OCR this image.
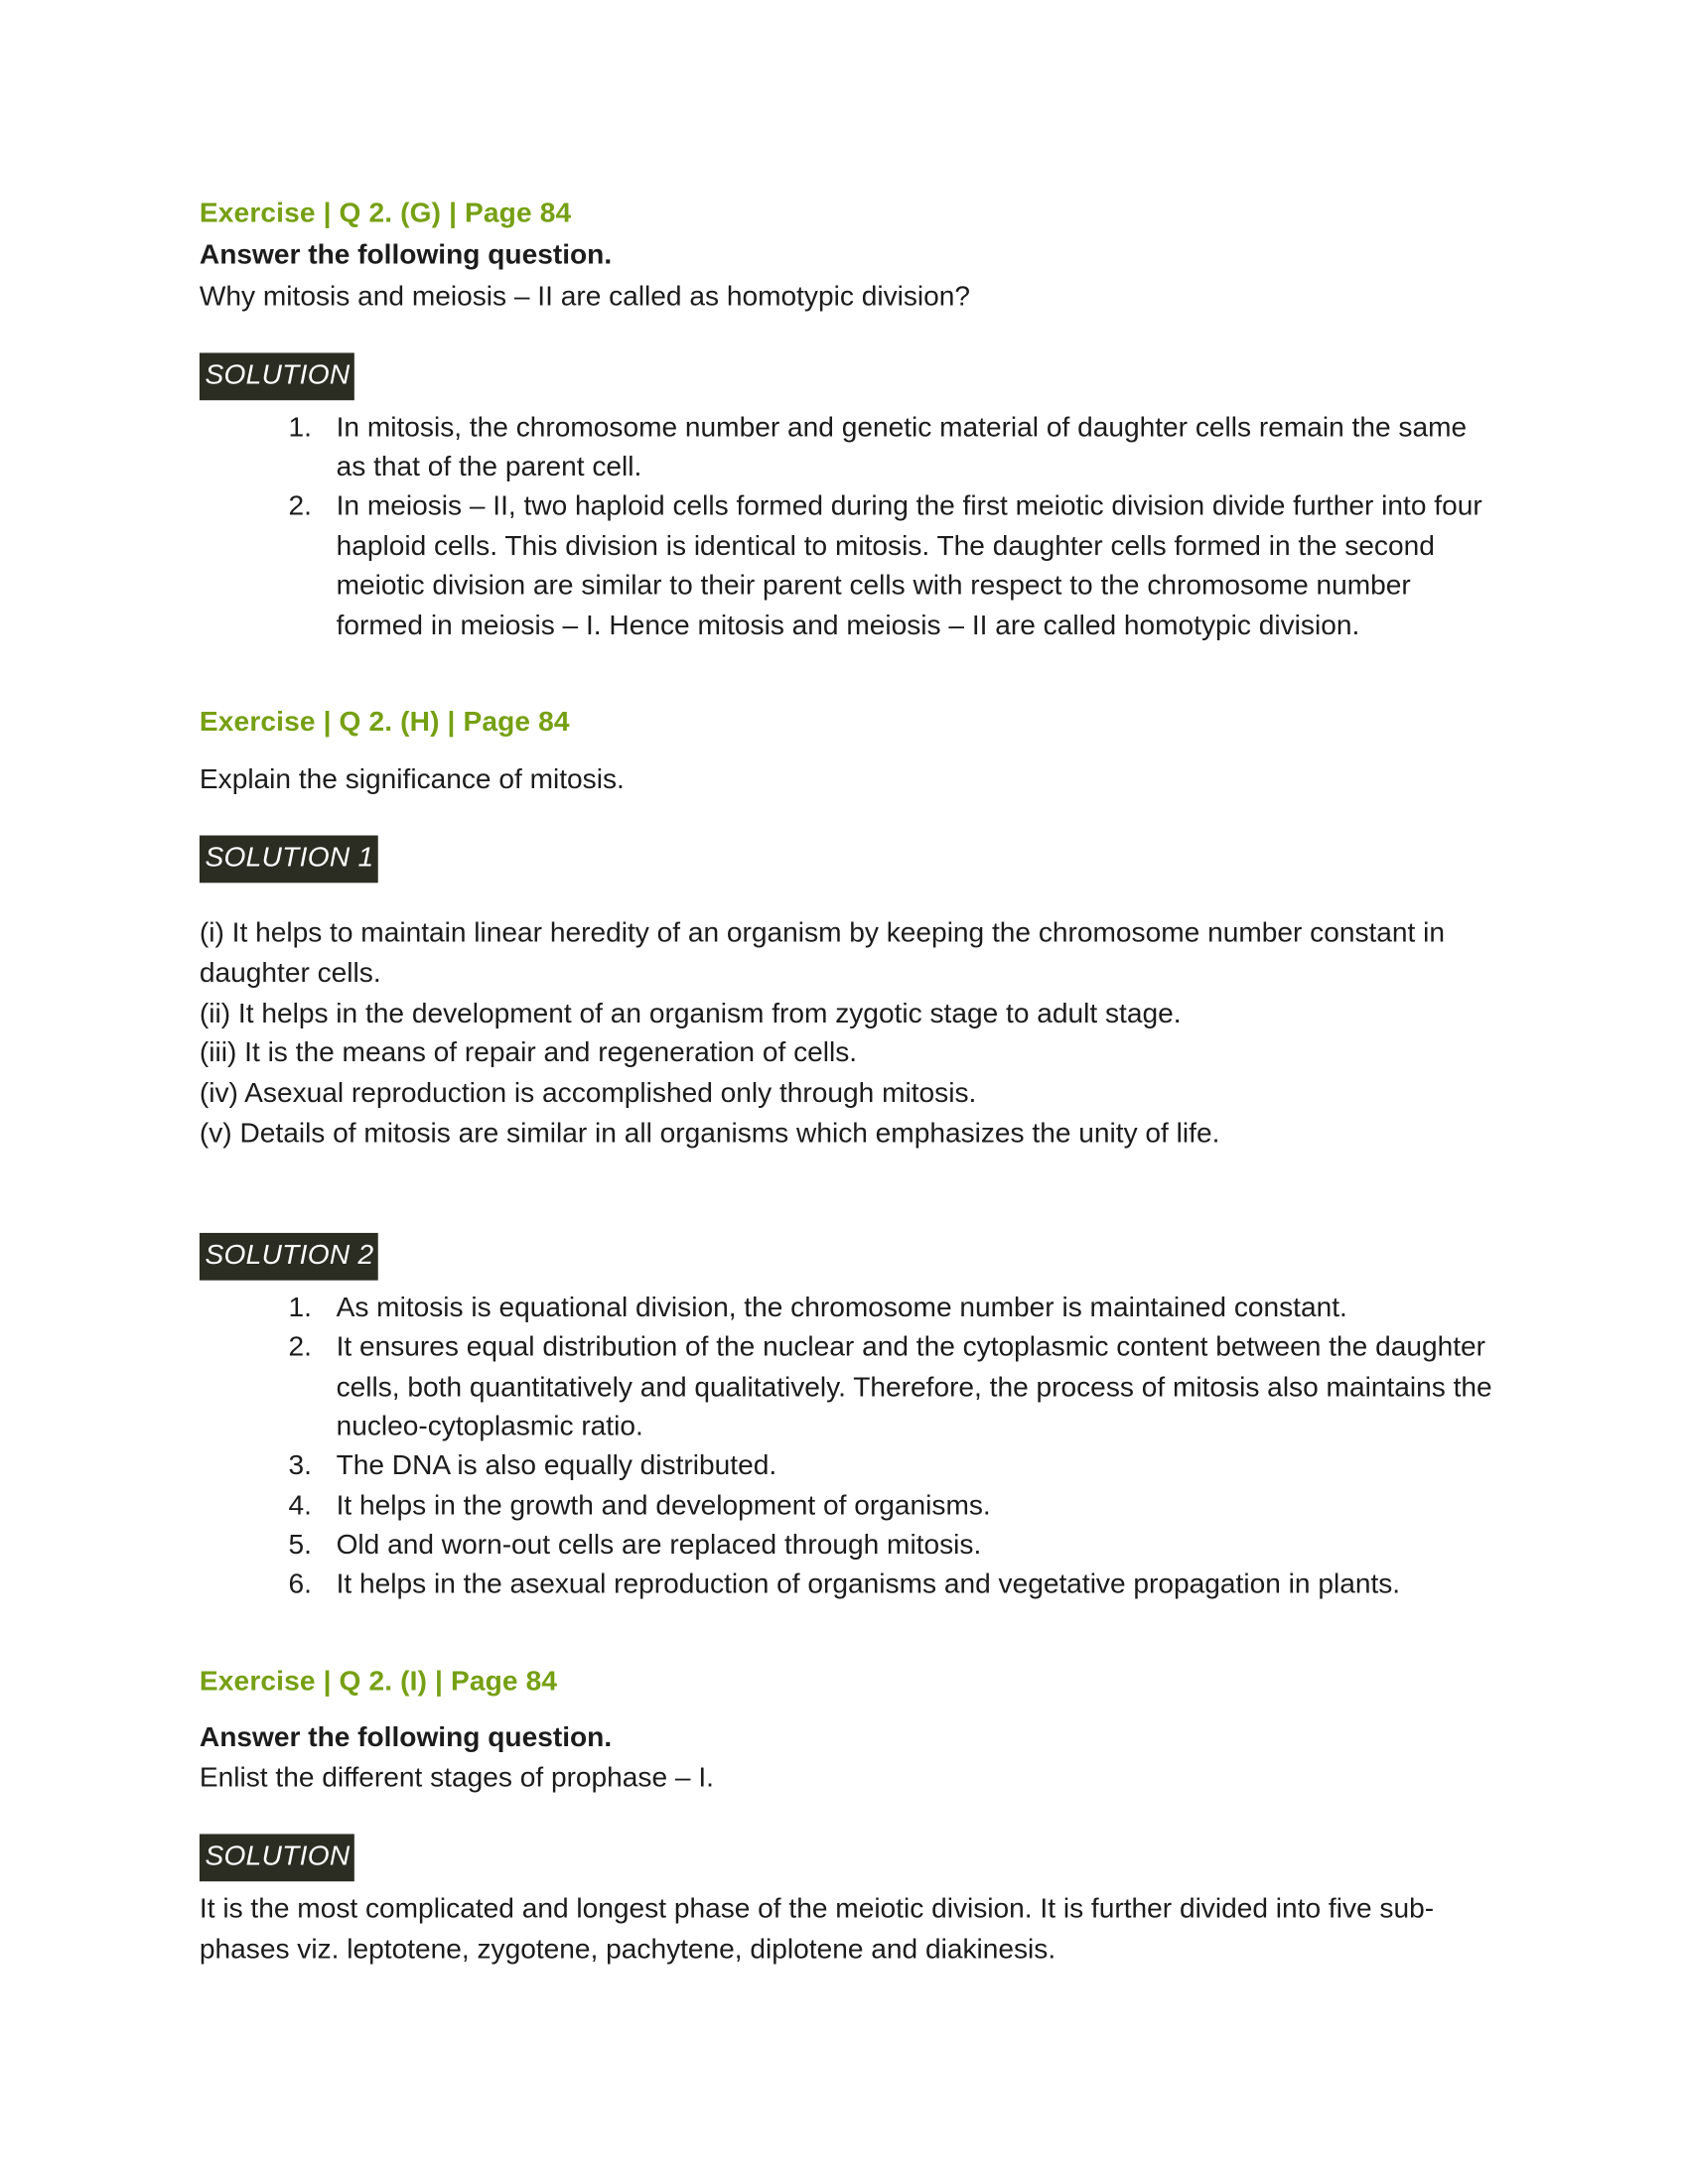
Exercise | Q 2. (G) | Page 84
Answer the following question.

Why mitosis and meiosis – II are called as homotypic division?

SOLUTION
1. In mitosis, the chromosome number and genetic material of daughter cells remain the same as that of the parent cell.
2. In meiosis – II, two haploid cells formed during the first meiotic division divide further into four haploid cells. This division is identical to mitosis. The daughter cells formed in the second meiotic division are similar to their parent cells with respect to the chromosome number formed in meiosis – I. Hence mitosis and meiosis – II are called homotypic division.
Exercise | Q 2. (H) | Page 84

Explain the significance of mitosis.

SOLUTION 1

(i) It helps to maintain linear heredity of an organism by keeping the chromosome number constant in daughter cells.

(ii) It helps in the development of an organism from zygotic stage to adult stage.

(iii) It is the means of repair and regeneration of cells.

(iv) Asexual reproduction is accomplished only through mitosis.

(v) Details of mitosis are similar in all organisms which emphasizes the unity of life.

SOLUTION 2
1. As mitosis is equational division, the chromosome number is maintained constant.
2. It ensures equal distribution of the nuclear and the cytoplasmic content between the daughter cells, both quantitatively and qualitatively. Therefore, the process of mitosis also maintains the nucleo-cytoplasmic ratio.
3. The DNA is also equally distributed.
4. It helps in the growth and development of organisms.
5. Old and worn-out cells are replaced through mitosis.
6. It helps in the asexual reproduction of organisms and vegetative propagation in plants.
Exercise | Q 2. (I) | Page 84
Answer the following question.

Enlist the different stages of prophase – I.

SOLUTION

It is the most complicated and longest phase of the meiotic division. It is further divided into five sub-phases viz. leptotene, zygotene, pachytene, diplotene and diakinesis.
